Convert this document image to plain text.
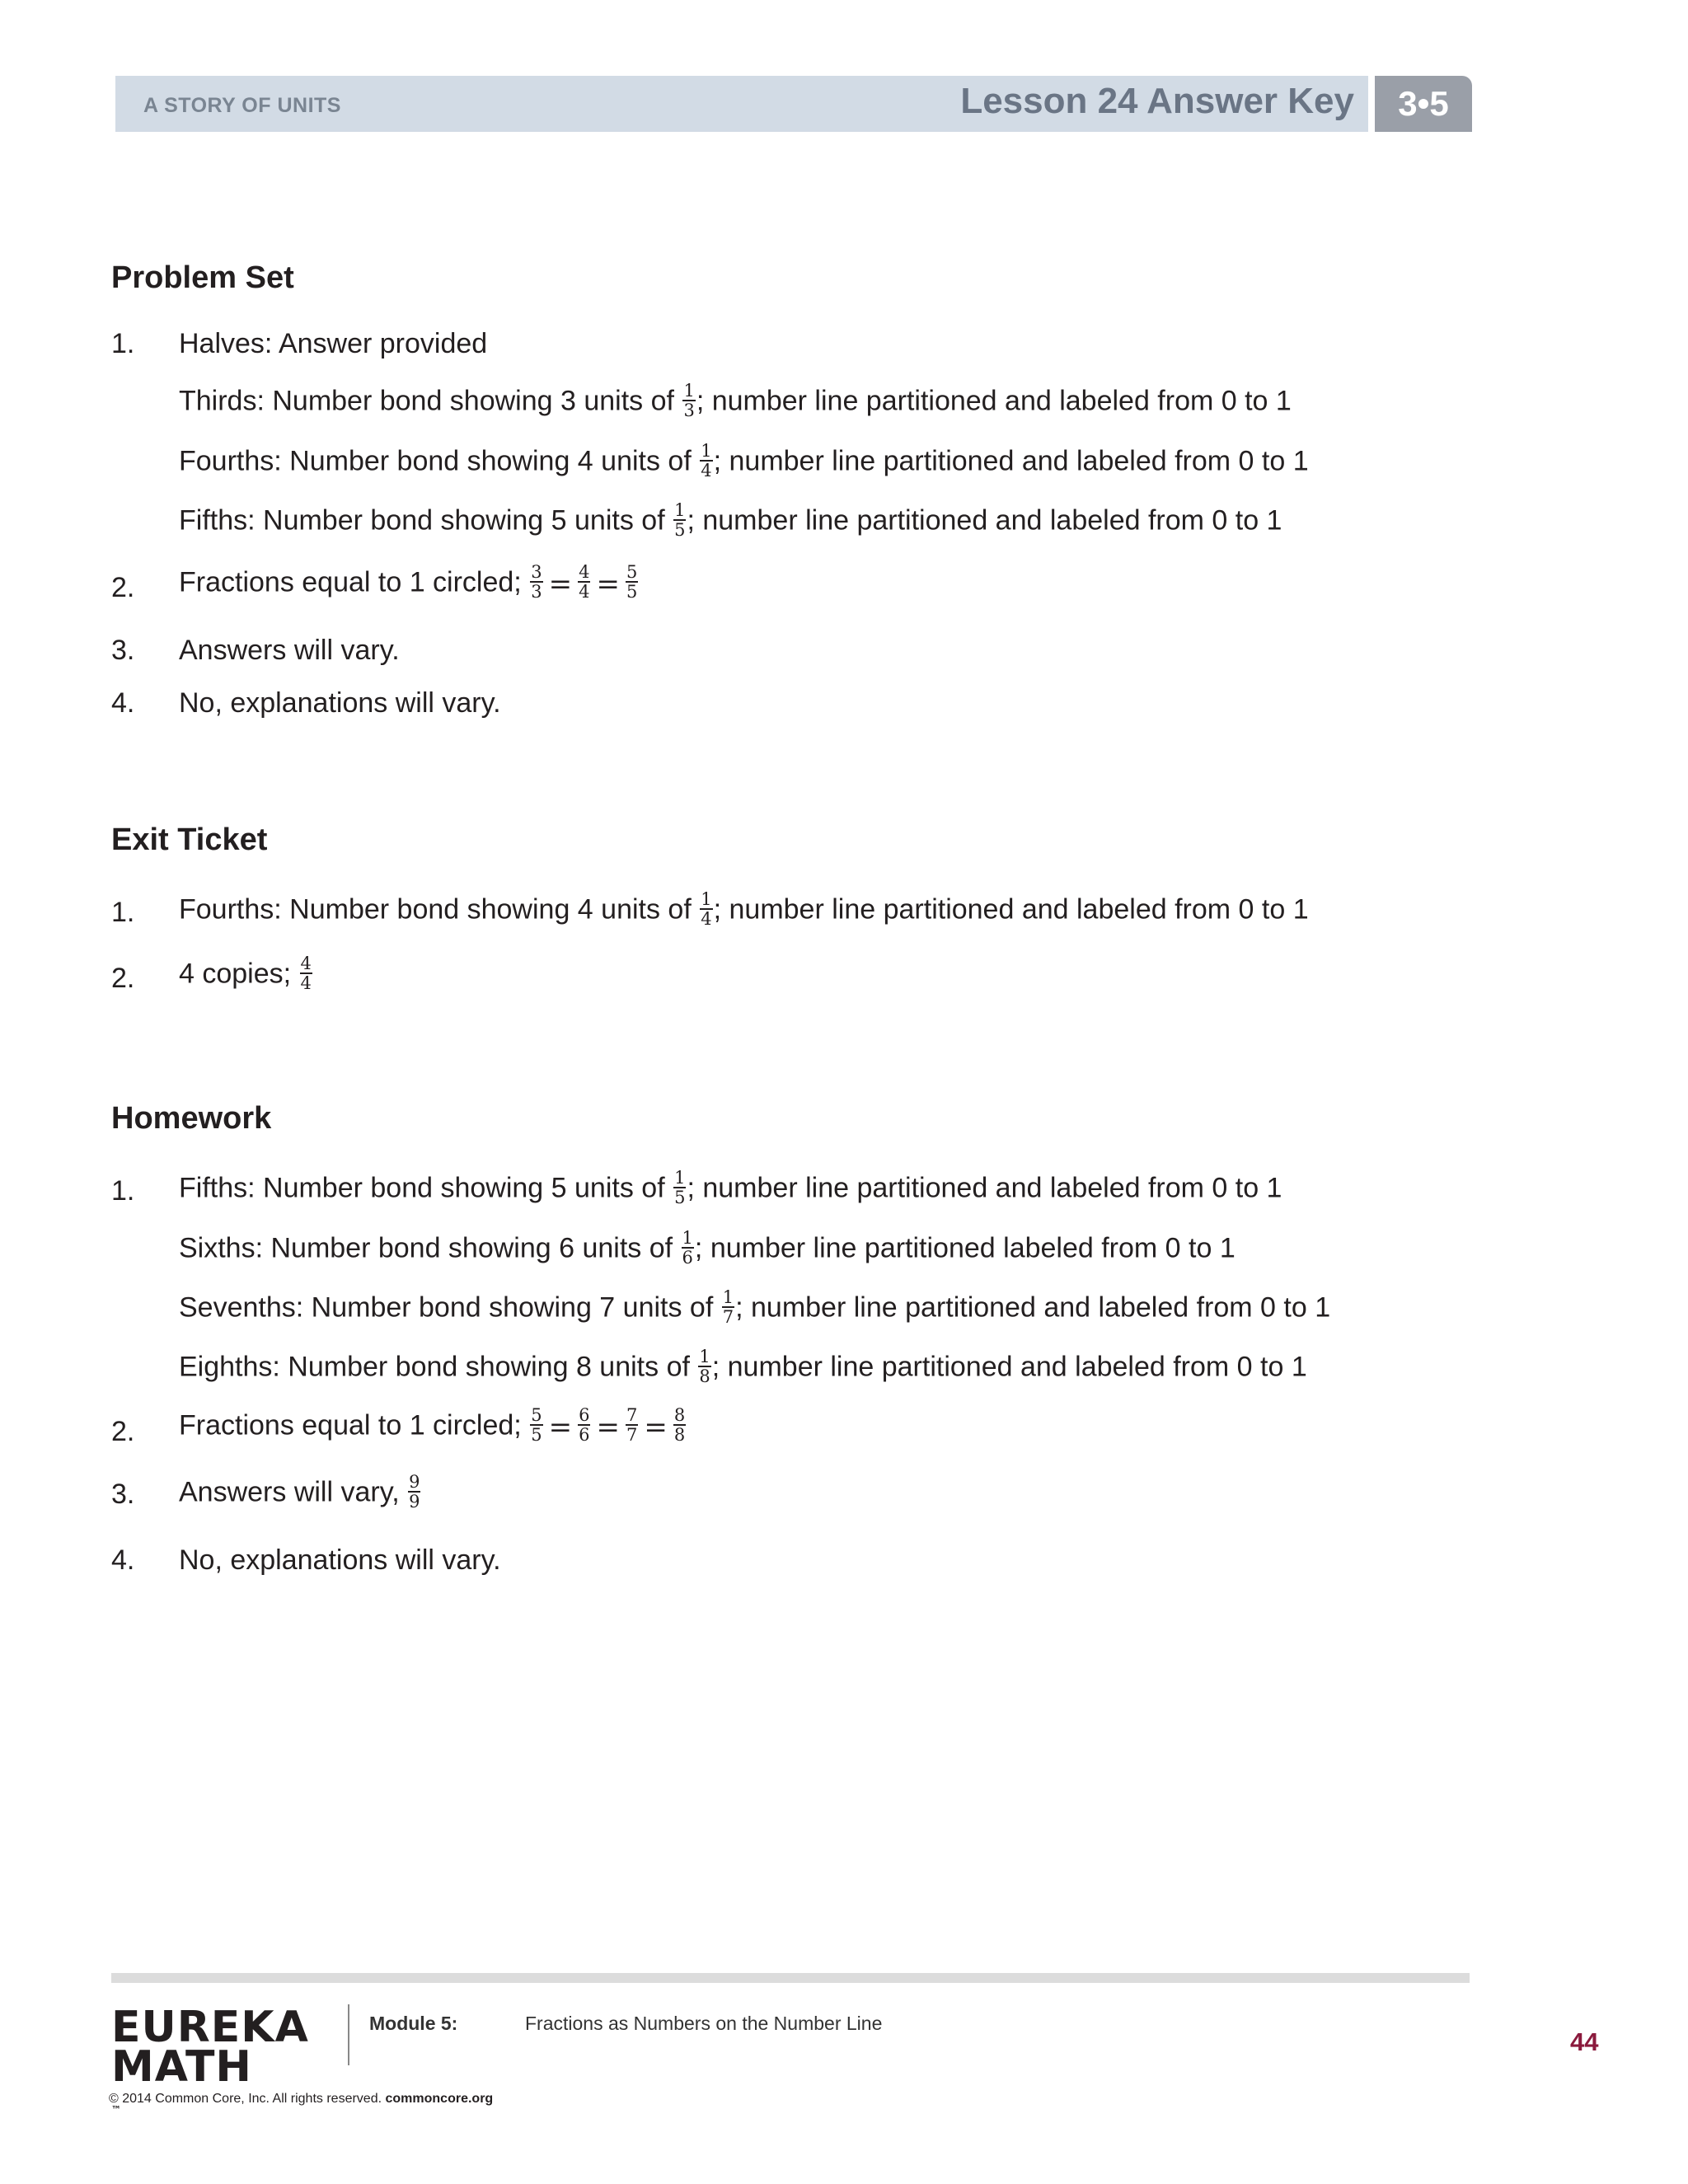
A STORY OF UNITS	Lesson 24 Answer Key	3•5
Problem Set
1. Halves: Answer provided
Thirds: Number bond showing 3 units of $\frac{1}{3}$ ; number line partitioned and labeled from 0 to 1
Fourths: Number bond showing 4 units of $\frac{1}{4}$ ; number line partitioned and labeled from 0 to 1
Fifths: Number bond showing 5 units of $\frac{1}{5}$ ; number line partitioned and labeled from 0 to 1
2. Fractions equal to 1 circled; $\frac{3}{3} = \frac{4}{4} = \frac{5}{5}$
3. Answers will vary.
4. No, explanations will vary.
Exit Ticket
1. Fourths: Number bond showing 4 units of $\frac{1}{4}$ ; number line partitioned and labeled from 0 to 1
2. 4 copies; $\frac{4}{4}$
Homework
1. Fifths: Number bond showing 5 units of $\frac{1}{5}$ ; number line partitioned and labeled from 0 to 1
Sixths: Number bond showing 6 units of $\frac{1}{6}$ ; number line partitioned labeled from 0 to 1
Sevenths: Number bond showing 7 units of $\frac{1}{7}$ ; number line partitioned and labeled from 0 to 1
Eighths: Number bond showing 8 units of $\frac{1}{8}$ ; number line partitioned and labeled from 0 to 1
2. Fractions equal to 1 circled; $\frac{5}{5} = \frac{6}{6} = \frac{7}{7} = \frac{8}{8}$
3. Answers will vary, $\frac{9}{9}$
4. No, explanations will vary.
EUREKA
MATH
™
Module 5:	Fractions as Numbers on the Number Line
44
© 2014 Common Core, Inc. All rights reserved. commoncore.org
